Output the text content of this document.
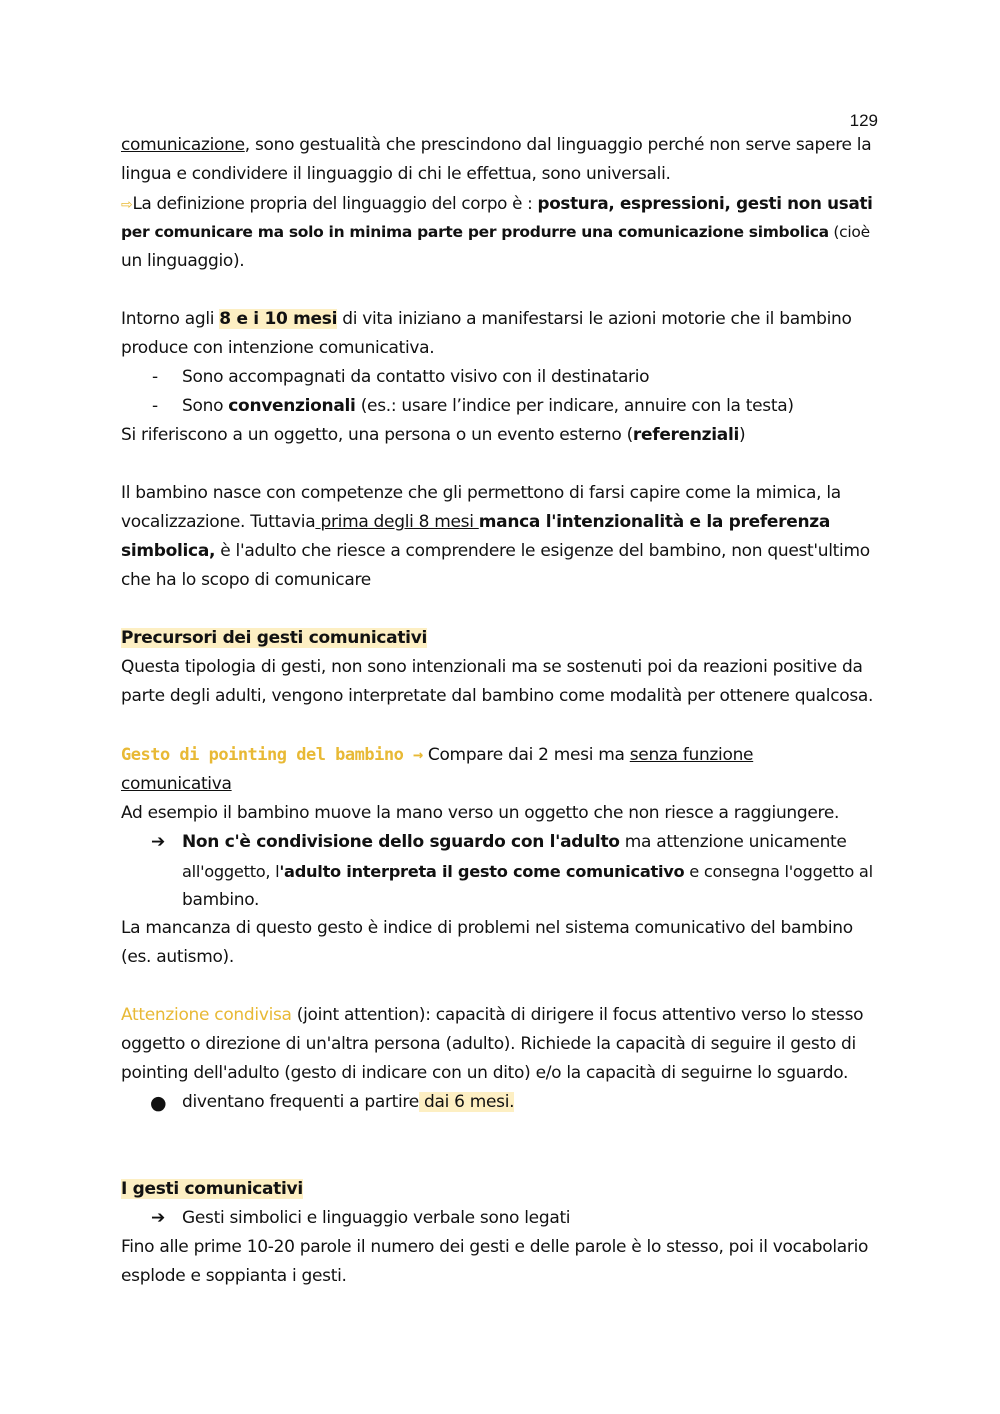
129
comunicazione, sono gestualità che prescindono dal linguaggio perché non serve sapere la
lingua e condividere il linguaggio di chi le effettua, sono universali.
⇨La definizione propria del linguaggio del corpo è : postura, espressioni, gesti non usati
per comunicare ma solo in minima parte per produrre una comunicazione simbolica (cioè
un linguaggio).
Intorno agli 8 e i 10 mesi di vita iniziano a manifestarsi le azioni motorie che il bambino
produce con intenzione comunicativa.
- Sono accompagnati da contatto visivo con il destinatario
- Sono convenzionali (es.: usare l’indice per indicare, annuire con la testa)
Si riferiscono a un oggetto, una persona o un evento esterno (referenziali)
Il bambino nasce con competenze che gli permettono di farsi capire come la mimica, la
vocalizzazione. Tuttavia prima degli 8 mesi manca l'intenzionalità e la preferenza
simbolica, è l'adulto che riesce a comprendere le esigenze del bambino, non quest'ultimo
che ha lo scopo di comunicare
Precursori dei gesti comunicativi
Questa tipologia di gesti, non sono intenzionali ma se sostenuti poi da reazioni positive da
parte degli adulti, vengono interpretate dal bambino come modalità per ottenere qualcosa.
Gesto di pointing del bambino → Compare dai 2 mesi ma senza funzione
comunicativa
Ad esempio il bambino muove la mano verso un oggetto che non riesce a raggiungere.
➔ Non c'è condivisione dello sguardo con l'adulto ma attenzione unicamente
all'oggetto, l'adulto interpreta il gesto come comunicativo e consegna l'oggetto al
bambino.
La mancanza di questo gesto è indice di problemi nel sistema comunicativo del bambino
(es. autismo).
Attenzione condivisa (joint attention): capacità di dirigere il focus attentivo verso lo stesso
oggetto o direzione di un'altra persona (adulto). Richiede la capacità di seguire il gesto di
pointing dell'adulto (gesto di indicare con un dito) e/o la capacità di seguirne lo sguardo.
● diventano frequenti a partire dai 6 mesi.
I gesti comunicativi
➔ Gesti simbolici e linguaggio verbale sono legati
Fino alle prime 10-20 parole il numero dei gesti e delle parole è lo stesso, poi il vocabolario
esplode e soppianta i gesti.
